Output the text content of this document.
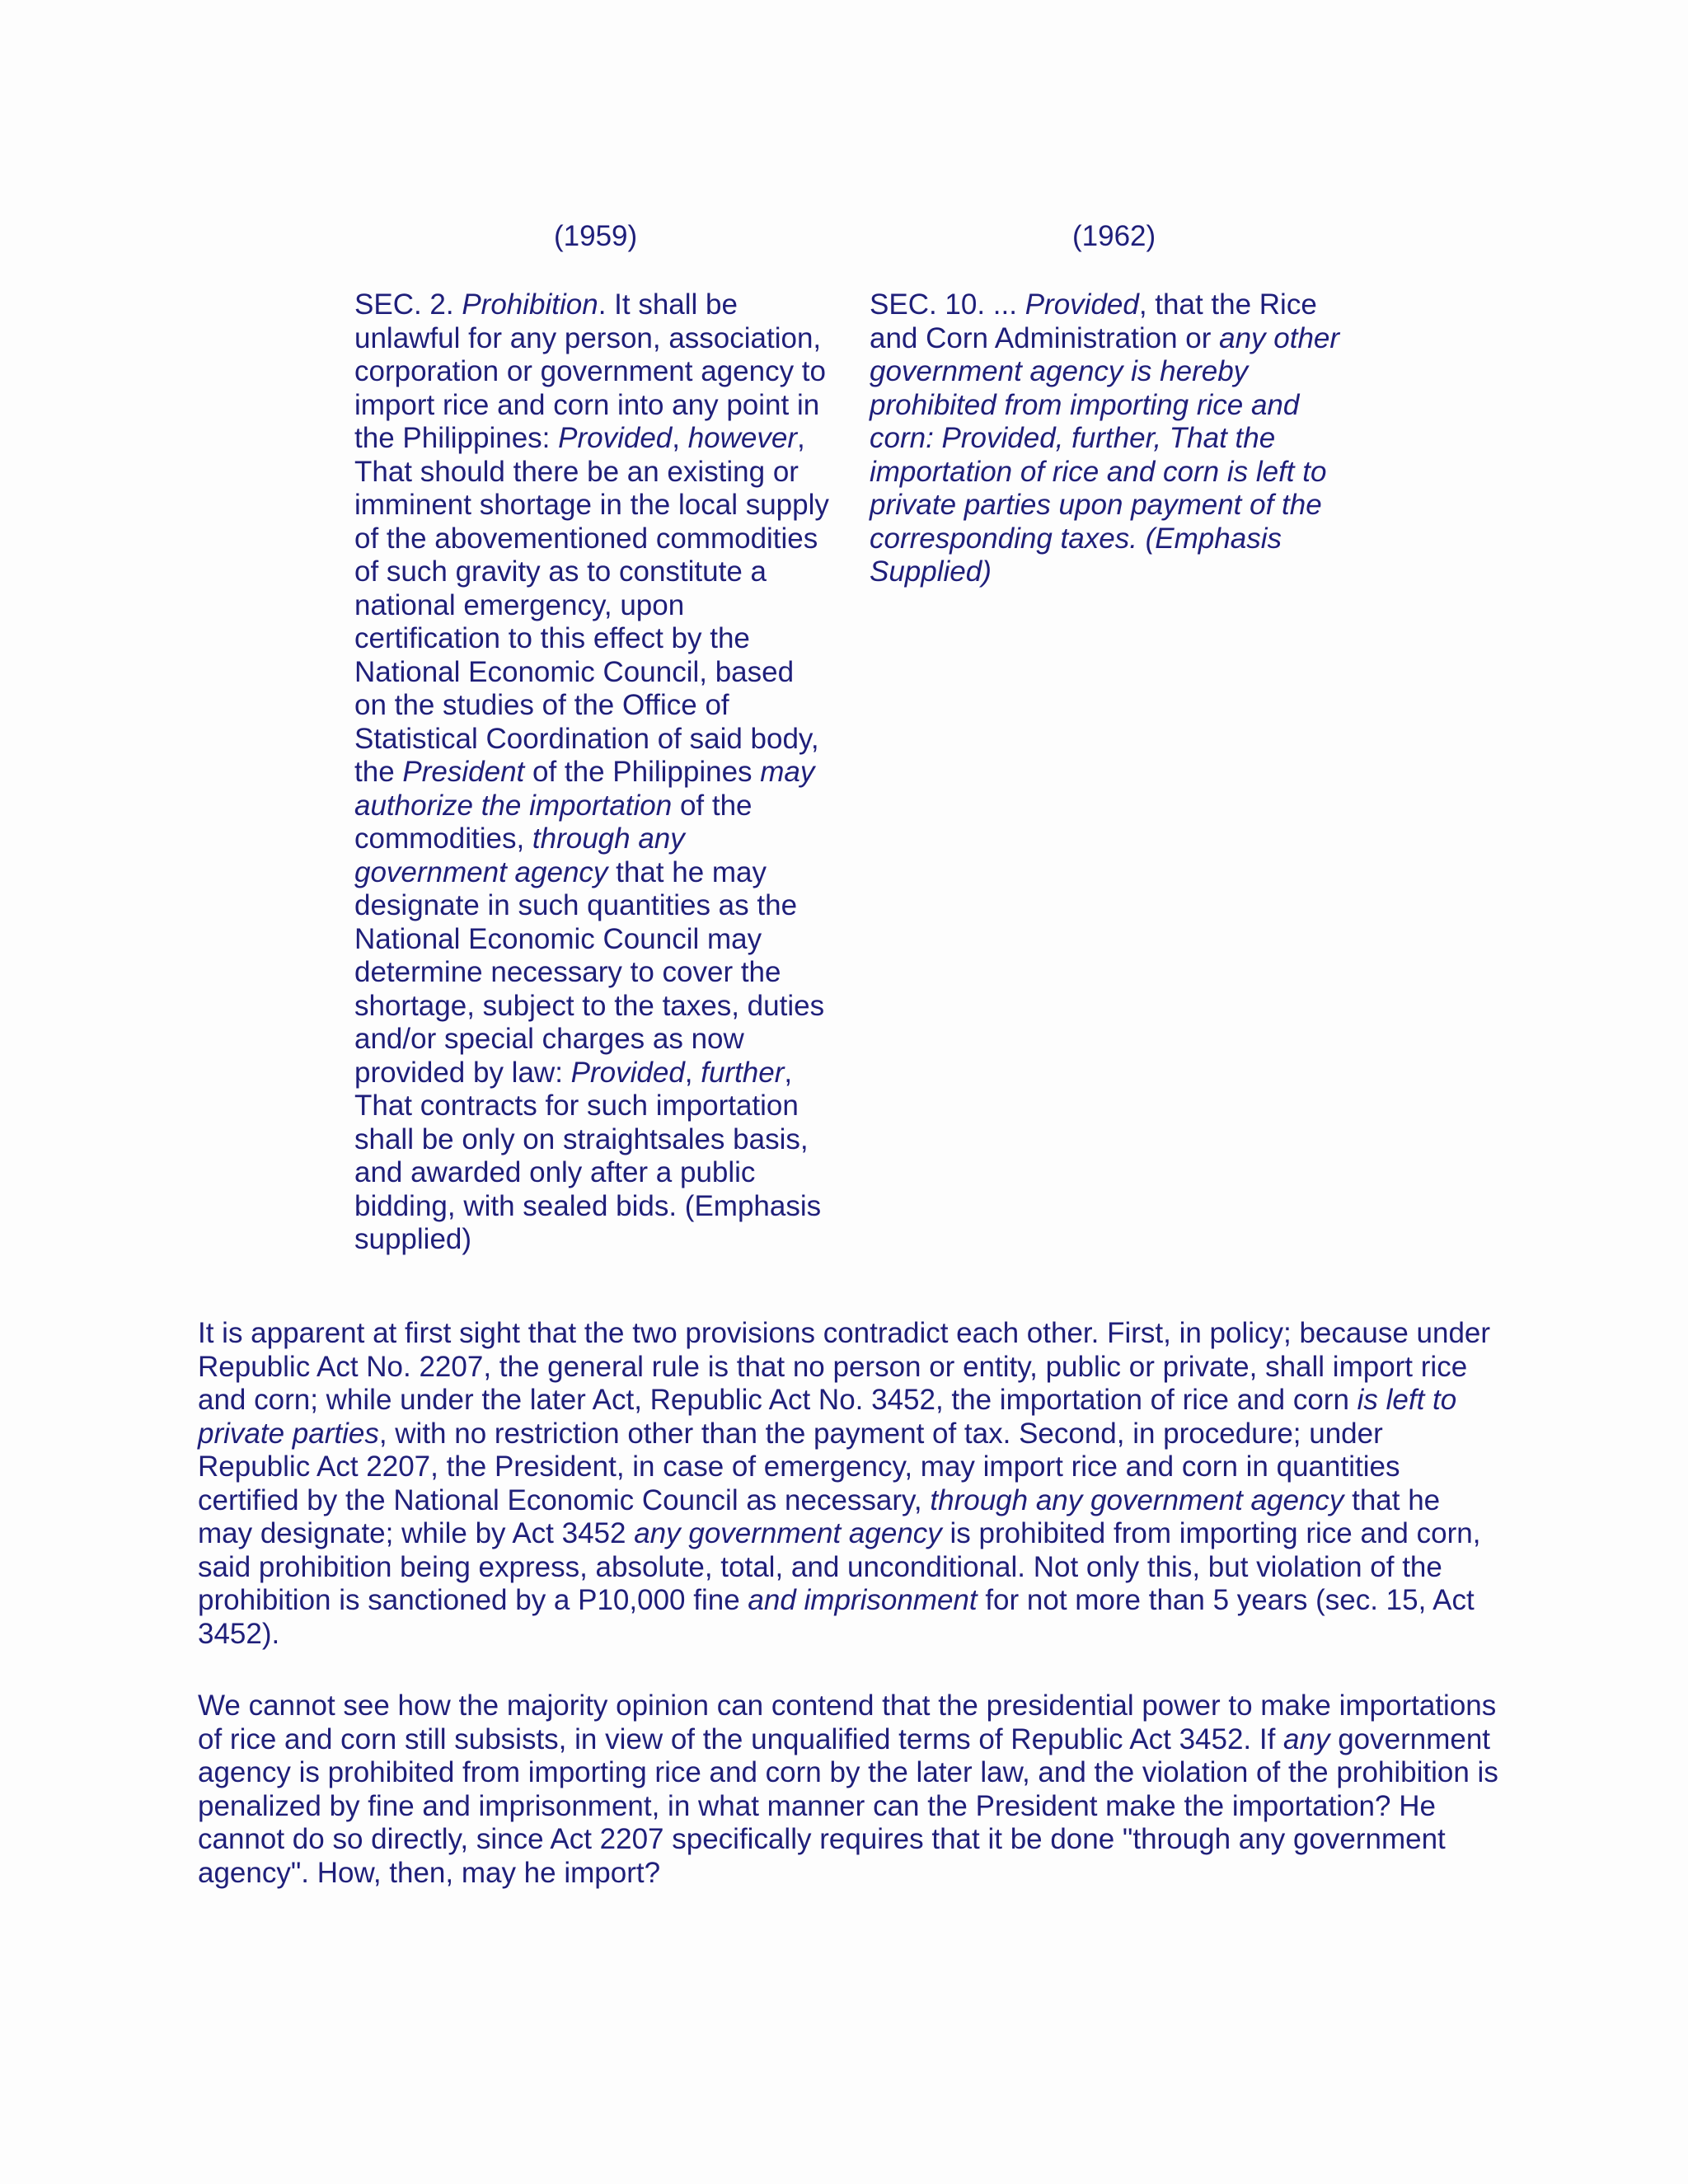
(1959)	(1962)

SEC. 2. Prohibition. It shall be unlawful for any person, association, corporation or government agency to import rice and corn into any point in the Philippines: Provided, however, That should there be an existing or imminent shortage in the local supply of the abovementioned commodities of such gravity as to constitute a national emergency, upon certification to this effect by the National Economic Council, based on the studies of the Office of Statistical Coordination of said body, the President of the Philippines may authorize the importation of the commodities, through any government agency that he may designate in such quantities as the National Economic Council may determine necessary to cover the shortage, subject to the taxes, duties and/or special charges as now provided by law: Provided, further, That contracts for such importation shall be only on straightsales basis, and awarded only after a public bidding, with sealed bids. (Emphasis supplied)

SEC. 10. ... Provided, that the Rice and Corn Administration or any other government agency is hereby prohibited from importing rice and corn: Provided, further, That the importation of rice and corn is left to private parties upon payment of the corresponding taxes. (Emphasis Supplied)

It is apparent at first sight that the two provisions contradict each other. First, in policy; because under Republic Act No. 2207, the general rule is that no person or entity, public or private, shall import rice and corn; while under the later Act, Republic Act No. 3452, the importation of rice and corn is left to private parties, with no restriction other than the payment of tax. Second, in procedure; under Republic Act 2207, the President, in case of emergency, may import rice and corn in quantities certified by the National Economic Council as necessary, through any government agency that he may designate; while by Act 3452 any government agency is prohibited from importing rice and corn, said prohibition being express, absolute, total, and unconditional. Not only this, but violation of the prohibition is sanctioned by a P10,000 fine and imprisonment for not more than 5 years (sec. 15, Act 3452).

We cannot see how the majority opinion can contend that the presidential power to make importations of rice and corn still subsists, in view of the unqualified terms of Republic Act 3452. If any government agency is prohibited from importing rice and corn by the later law, and the violation of the prohibition is penalized by fine and imprisonment, in what manner can the President make the importation? He cannot do so directly, since Act 2207 specifically requires that it be done "through any government agency". How, then, may he import?
